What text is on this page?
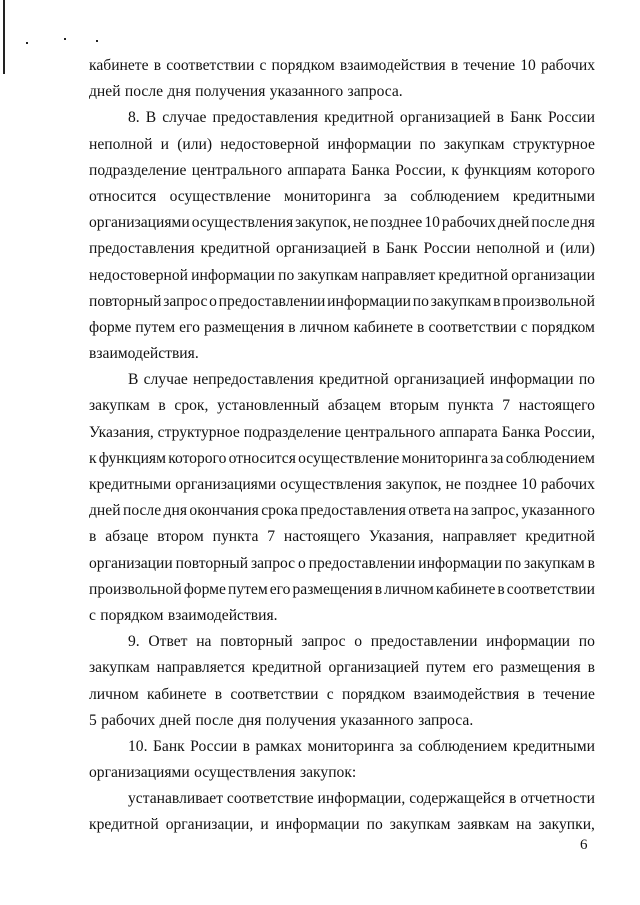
кабинете в соответствии с порядком взаимодействия в течение 10 рабочих
дней после дня получения указанного запроса.
8. В случае предоставления кредитной организацией в Банк России
неполной и (или) недостоверной информации по закупкам структурное
подразделение центрального аппарата Банка России, к функциям которого
относится осуществление мониторинга за соблюдением кредитными
организациями осуществления закупок, не позднее 10 рабочих дней после дня
предоставления кредитной организацией в Банк России неполной и (или)
недостоверной информации по закупкам направляет кредитной организации
повторный запрос о предоставлении информации по закупкам в произвольной
форме путем его размещения в личном кабинете в соответствии с порядком
взаимодействия.
В случае непредоставления кредитной организацией информации по
закупкам в срок, установленный абзацем вторым пункта 7 настоящего
Указания, структурное подразделение центрального аппарата Банка России,
к функциям которого относится осуществление мониторинга за соблюдением
кредитными организациями осуществления закупок, не позднее 10 рабочих
дней после дня окончания срока предоставления ответа на запрос, указанного
в абзаце втором пункта 7 настоящего Указания, направляет кредитной
организации повторный запрос о предоставлении информации по закупкам в
произвольной форме путем его размещения в личном кабинете в соответствии
с порядком взаимодействия.
9. Ответ на повторный запрос о предоставлении информации по
закупкам направляется кредитной организацией путем его размещения в
личном кабинете в соответствии с порядком взаимодействия в течение
5 рабочих дней после дня получения указанного запроса.
10. Банк России в рамках мониторинга за соблюдением кредитными
организациями осуществления закупок:
устанавливает соответствие информации, содержащейся в отчетности
кредитной организации, и информации по закупкам заявкам на закупки,
6
